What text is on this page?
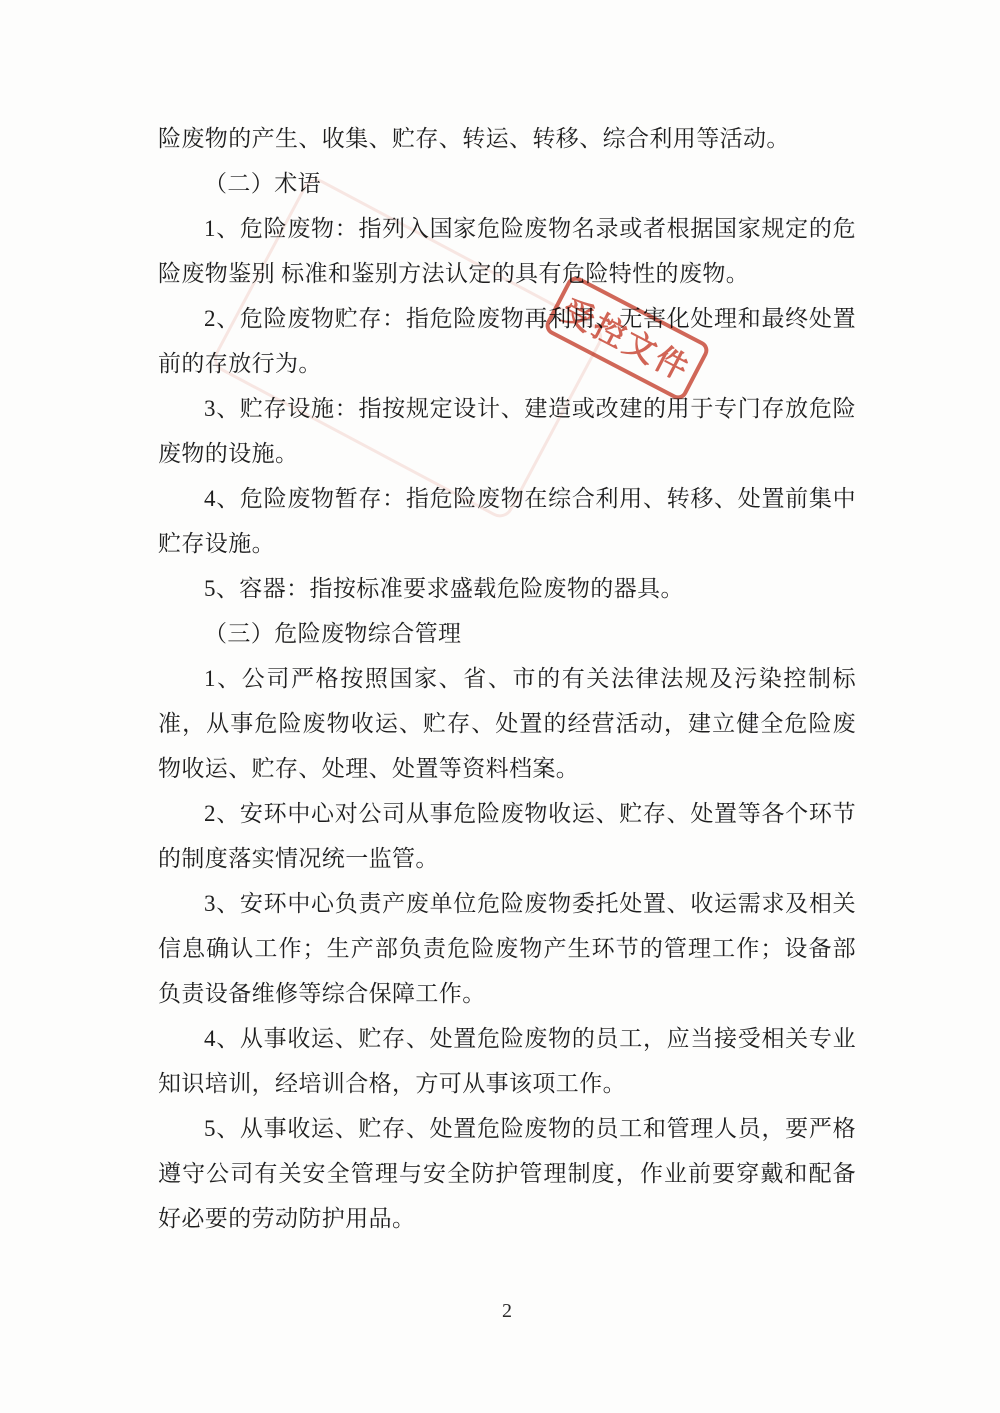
险废物的产生、收集、贮存、转运、转移、综合利用等活动。

（二）术语

1、危险废物：指列入国家危险废物名录或者根据国家规定的危险废物鉴别 标准和鉴别方法认定的具有危险特性的废物。

2、危险废物贮存：指危险废物再利用、无害化处理和最终处置前的存放行为。

3、贮存设施：指按规定设计、建造或改建的用于专门存放危险废物的设施。

4、危险废物暂存：指危险废物在综合利用、转移、处置前集中贮存设施。

5、容器：指按标准要求盛载危险废物的器具。

（三）危险废物综合管理

1、公司严格按照国家、省、市的有关法律法规及污染控制标准，从事危险废物收运、贮存、处置的经营活动，建立健全危险废物收运、贮存、处理、处置等资料档案。

2、安环中心对公司从事危险废物收运、贮存、处置等各个环节的制度落实情况统一监管。

3、安环中心负责产废单位危险废物委托处置、收运需求及相关信息确认工作；生产部负责危险废物产生环节的管理工作；设备部负责设备维修等综合保障工作。

4、从事收运、贮存、处置危险废物的员工，应当接受相关专业知识培训，经培训合格，方可从事该项工作。

5、从事收运、贮存、处置危险废物的员工和管理人员，要严格遵守公司有关安全管理与安全防护管理制度，作业前要穿戴和配备好必要的劳动防护用品。

受控文件
2
